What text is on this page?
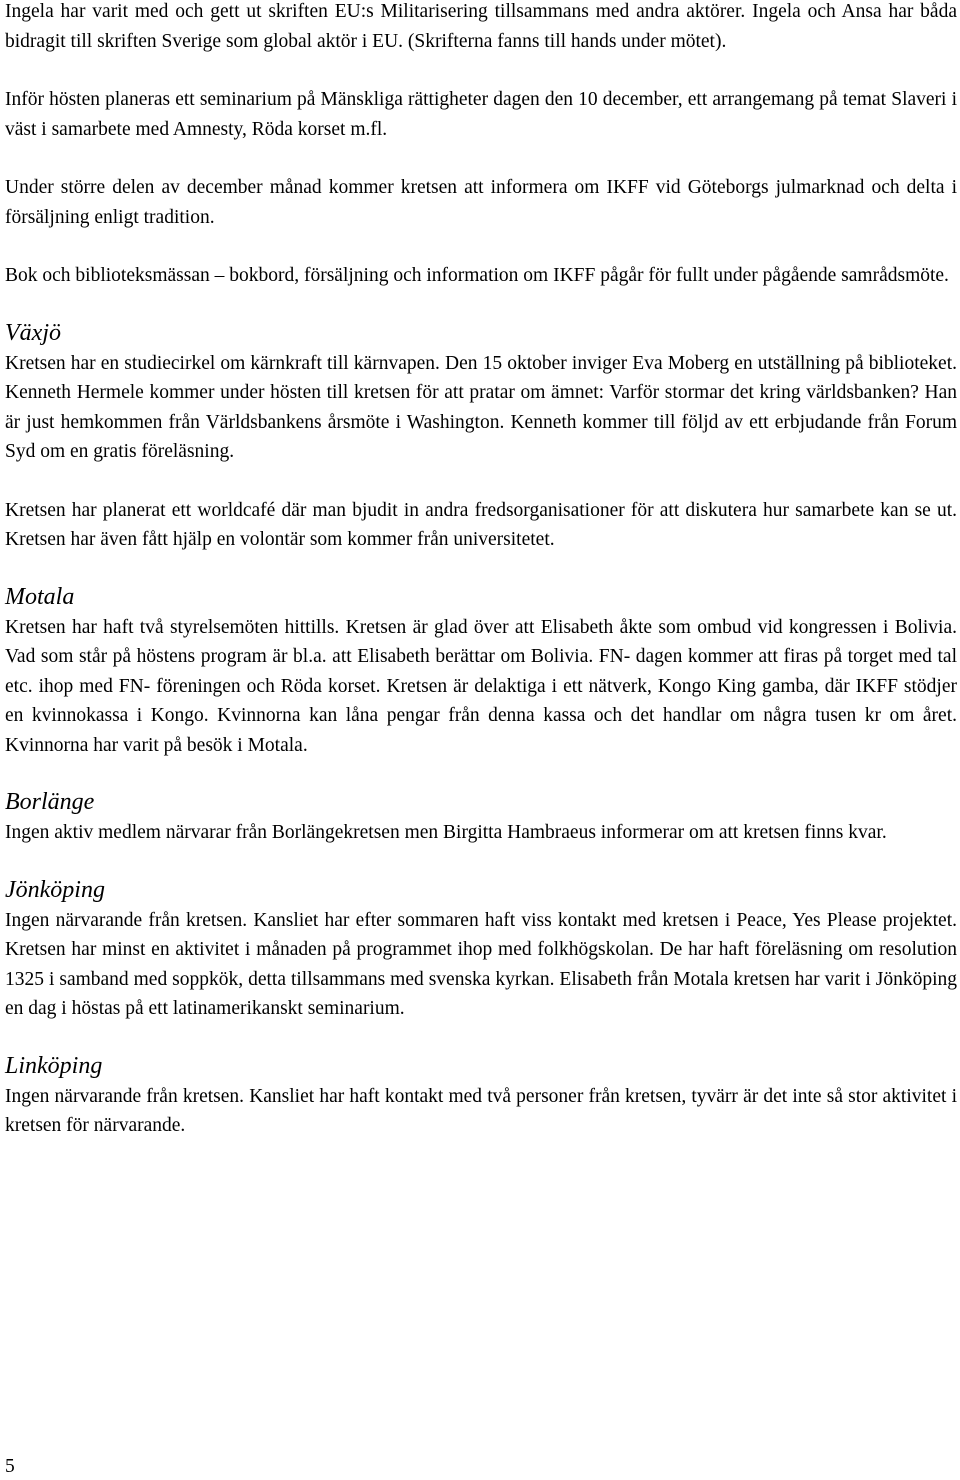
Ingela har varit med och gett ut skriften EU:s Militarisering tillsammans med andra aktörer. Ingela och Ansa har båda bidragit till skriften Sverige som global aktör i EU. (Skrifterna fanns till hands under mötet).

Inför hösten planeras ett seminarium på Mänskliga rättigheter dagen den 10 december, ett arrangemang på temat Slaveri i väst i samarbete med Amnesty, Röda korset m.fl.

Under större delen av december månad kommer kretsen att informera om IKFF vid Göteborgs julmarknad och delta i försäljning enligt tradition.

Bok och biblioteksmässan – bokbord, försäljning och information om IKFF pågår för fullt under pågående samrådsmöte.

Växjö

Kretsen har en studiecirkel om kärnkraft till kärnvapen. Den 15 oktober inviger Eva Moberg en utställning på biblioteket. Kenneth Hermele kommer under hösten till kretsen för att pratar om ämnet: Varför stormar det kring världsbanken? Han är just hemkommen från Världsbankens årsmöte i Washington. Kenneth kommer till följd av ett erbjudande från Forum Syd om en gratis föreläsning.

Kretsen har planerat ett worldcafé där man bjudit in andra fredsorganisationer för att diskutera hur samarbete kan se ut. Kretsen har även fått hjälp en volontär som kommer från universitetet.

Motala

Kretsen har haft två styrelsemöten hittills. Kretsen är glad över att Elisabeth åkte som ombud vid kongressen i Bolivia. Vad som står på höstens program är bl.a. att Elisabeth berättar om Bolivia. FN- dagen kommer att firas på torget med tal etc. ihop med FN- föreningen och Röda korset. Kretsen är delaktiga i ett nätverk, Kongo King gamba, där IKFF stödjer en kvinnokassa i Kongo. Kvinnorna kan låna pengar från denna kassa och det handlar om några tusen kr om året. Kvinnorna har varit på besök i Motala.

Borlänge

Ingen aktiv medlem närvarar från Borlängekretsen men Birgitta Hambraeus informerar om att kretsen finns kvar.

Jönköping

Ingen närvarande från kretsen. Kansliet har efter sommaren haft viss kontakt med kretsen i Peace, Yes Please projektet. Kretsen har minst en aktivitet i månaden på programmet ihop med folkhögskolan. De har haft föreläsning om resolution 1325 i samband med soppkök, detta tillsammans med svenska kyrkan. Elisabeth från Motala kretsen har varit i Jönköping en dag i höstas på ett latinamerikanskt seminarium.

Linköping

Ingen närvarande från kretsen. Kansliet har haft kontakt med två personer från kretsen, tyvärr är det inte så stor aktivitet i kretsen för närvarande.

5
